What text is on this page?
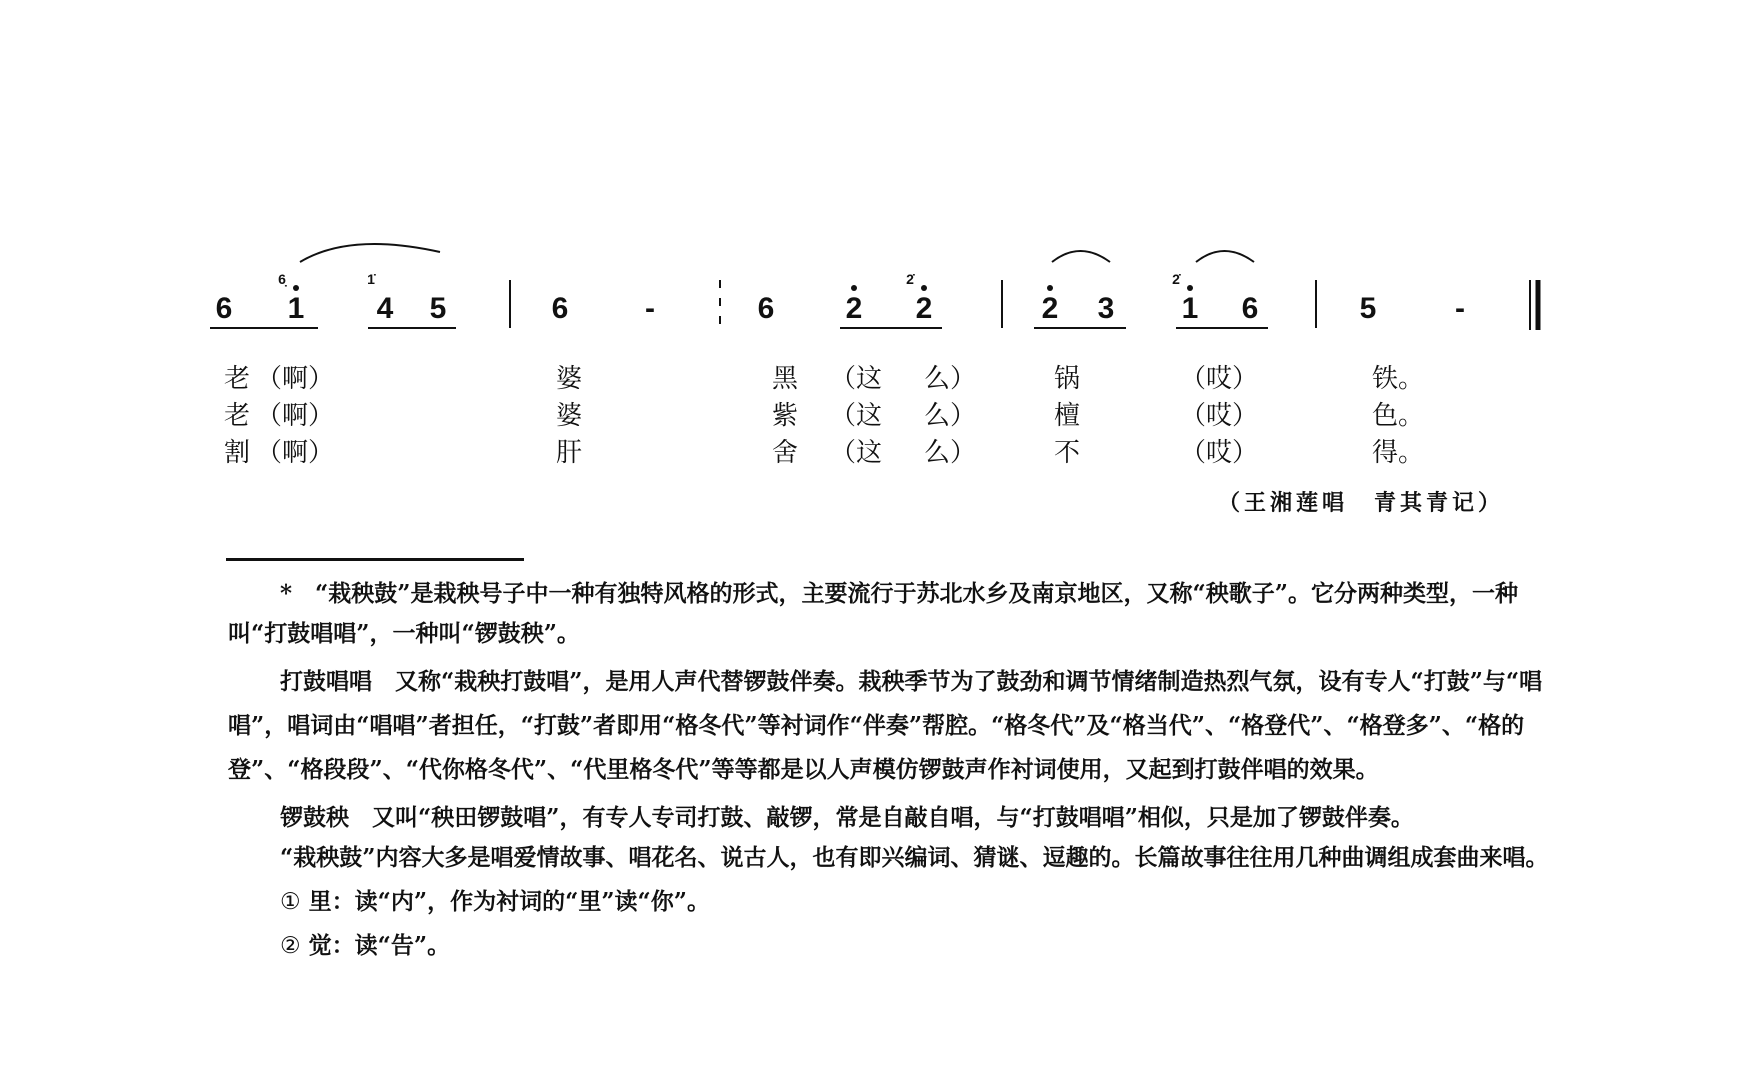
6 1
6̣
4
1̇
5	6	-	6 2 2
2̇
2 3 1
2̇
6	5	-
老 （啊）	婆	黑 （这 么）	锅	（哎）	铁。
老 （啊）	婆	紫 （这 么）	檀	（哎）	色。
割 （啊）	肝	舍 （这 么）	不	（哎）	得。
（王湘莲唱　青其青记）

*　“栽秧鼓”是栽秧号子中一种有独特风格的形式，主要流行于苏北水乡及南京地区，又称“秧歌子”。它分两种类型，一种叫“打鼓唱唱”，一种叫“锣鼓秧”。

打鼓唱唱　又称“栽秧打鼓唱”，是用人声代替锣鼓伴奏。栽秧季节为了鼓劲和调节情绪制造热烈气氛，设有专人“打鼓”与“唱唱”，唱词由“唱唱”者担任，“打鼓”者即用“格冬代”等衬词作“伴奏”帮腔。“格冬代”及“格当代”、“格登代”、“格登多”、“格的登”、“格段段”、“代你格冬代”、“代里格冬代”等等都是以人声模仿锣鼓声作衬词使用，又起到打鼓伴唱的效果。

锣鼓秧　又叫“秧田锣鼓唱”，有专人专司打鼓、敲锣，常是自敲自唱，与“打鼓唱唱”相似，只是加了锣鼓伴奏。

“栽秧鼓”内容大多是唱爱情故事、唱花名、说古人，也有即兴编词、猜谜、逗趣的。长篇故事往往用几种曲调组成套曲来唱。

① 里：读“内”，作为衬词的“里”读“你”。

② 觉：读“告”。
